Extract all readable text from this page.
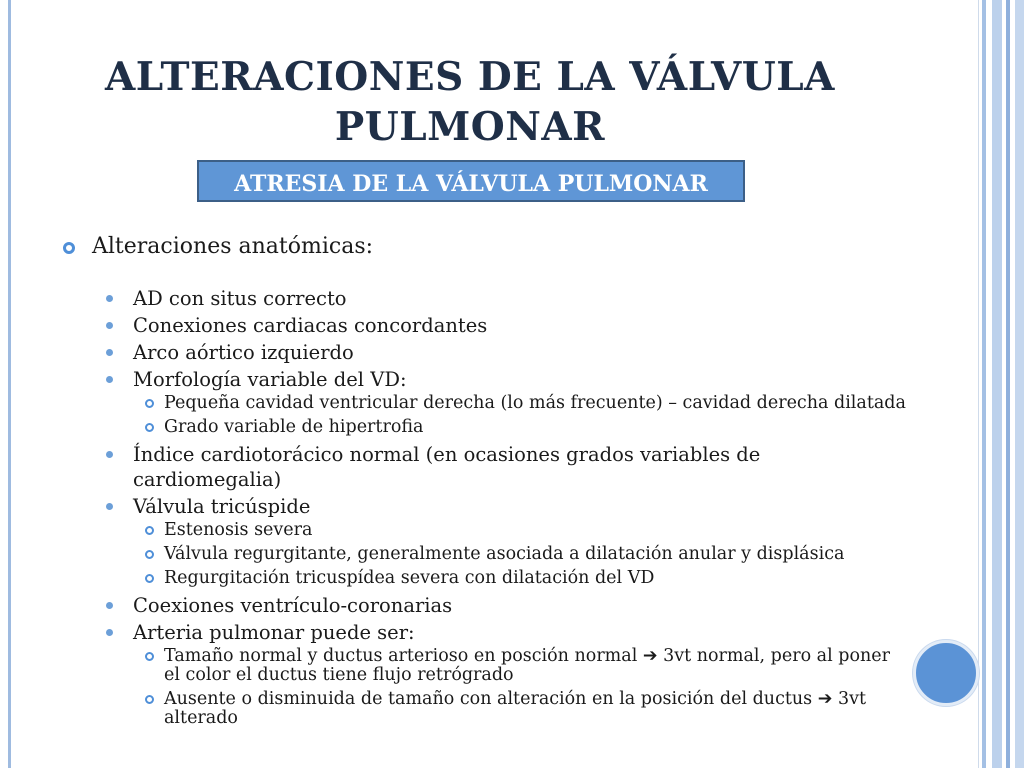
ALTERACIONES DE LA VÁLVULA
PULMONAR
ATRESIA DE LA VÁLVULA PULMONAR
Alteraciones anatómicas:
AD con situs correcto
Conexiones cardiacas concordantes
Arco aórtico izquierdo
Morfología variable del VD:
Pequeña cavidad ventricular derecha (lo más frecuente) – cavidad derecha dilatada
Grado variable de hipertrofia
Índice cardiotorácico normal (en ocasiones grados variables de cardiomegalia)
Válvula tricúspide
Estenosis severa
Válvula regurgitante, generalmente asociada a dilatación anular y displásica
Regurgitación tricuspídea severa con dilatación del VD
Coexiones ventrículo-coronarias
Arteria pulmonar puede ser:
Tamaño normal y ductus arterioso en posción normal ➔ 3vt normal, pero al poner el color el ductus tiene flujo retrógrado
Ausente o disminuida de tamaño con alteración en la posición del ductus ➔ 3vt alterado
